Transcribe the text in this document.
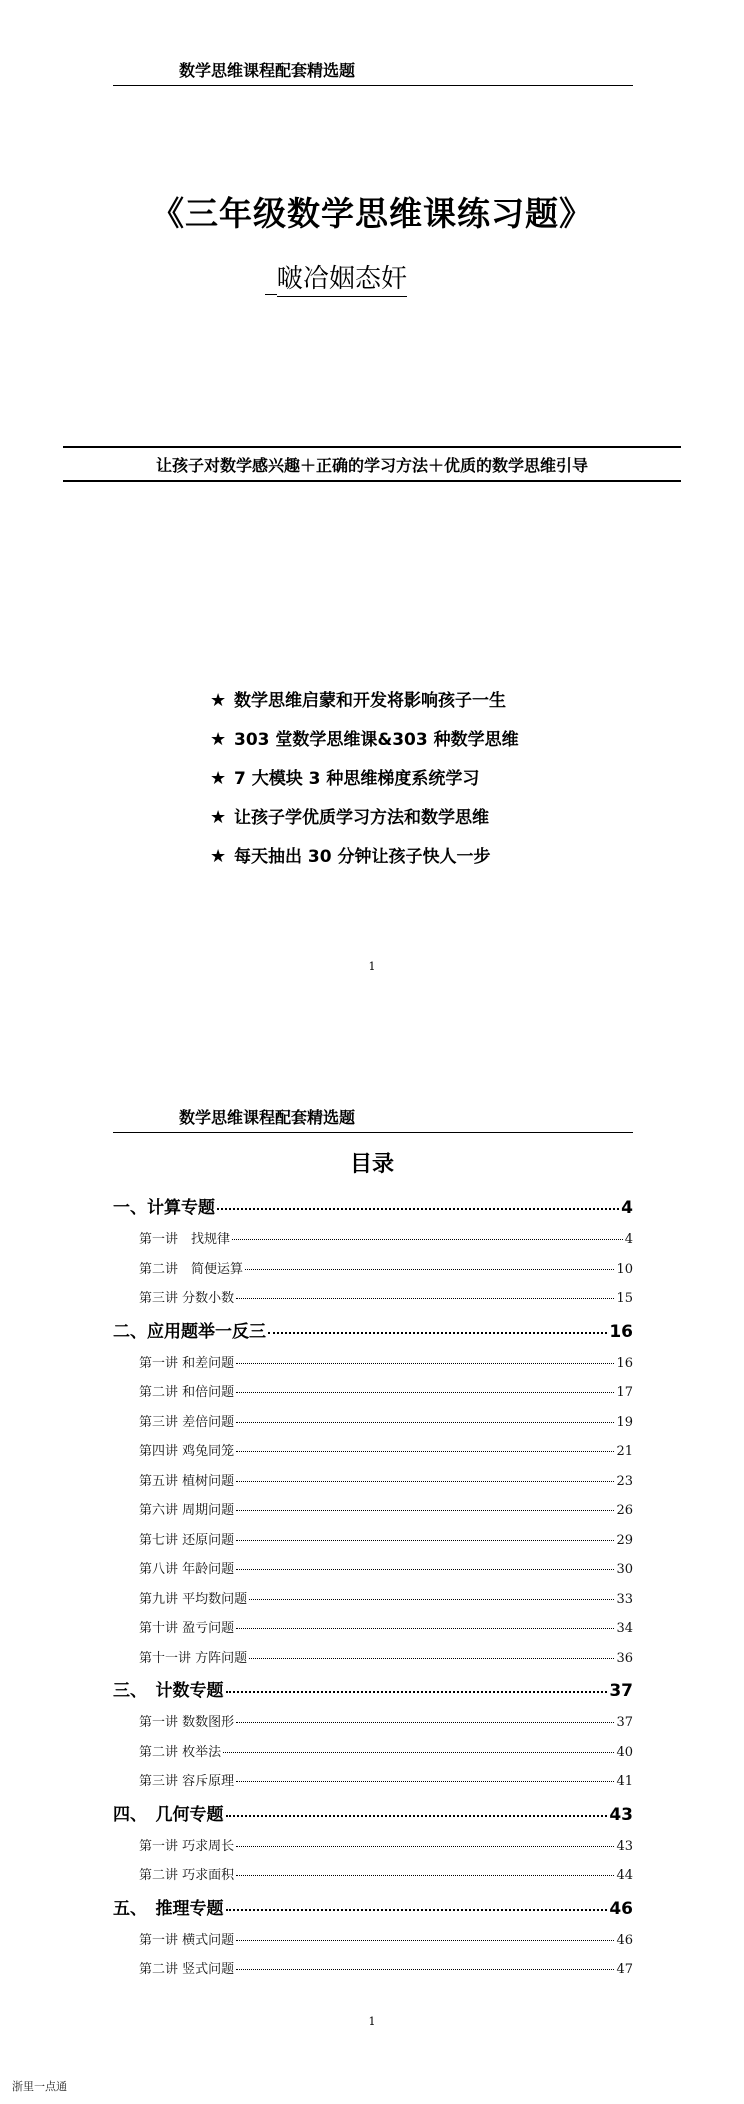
数学思维课程配套精选题
《三年级数学思维课练习题》
啵冾姻态奸
让孩子对数学感兴趣＋正确的学习方法＋优质的数学思维引导
★ 数学思维启蒙和开发将影响孩子一生
★ 303 堂数学思维课&303 种数学思维
★ 7 大模块 3 种思维梯度系统学习
★ 让孩子学优质学习方法和数学思维
★ 每天抽出 30 分钟让孩子快人一步
1
数学思维课程配套精选题
目录
一、计算专题	4
第一讲　找规律	4
第二讲　简便运算	10
第三讲 分数小数	15
二、应用题举一反三	16
第一讲 和差问题	16
第二讲 和倍问题	17
第三讲 差倍问题	19
第四讲 鸡兔同笼	21
第五讲 植树问题	23
第六讲 周期问题	26
第七讲 还原问题	29
第八讲 年龄问题	30
第九讲 平均数问题	33
第十讲 盈亏问题	34
第十一讲 方阵问题	36
三、　计数专题	37
第一讲 数数图形	37
第二讲 枚举法	40
第三讲 容斥原理	41
四、　几何专题	43
第一讲 巧求周长	43
第二讲 巧求面积	44
五、　推理专题	46
第一讲 横式问题	46
第二讲 竖式问题	47
1
浙里一点通
